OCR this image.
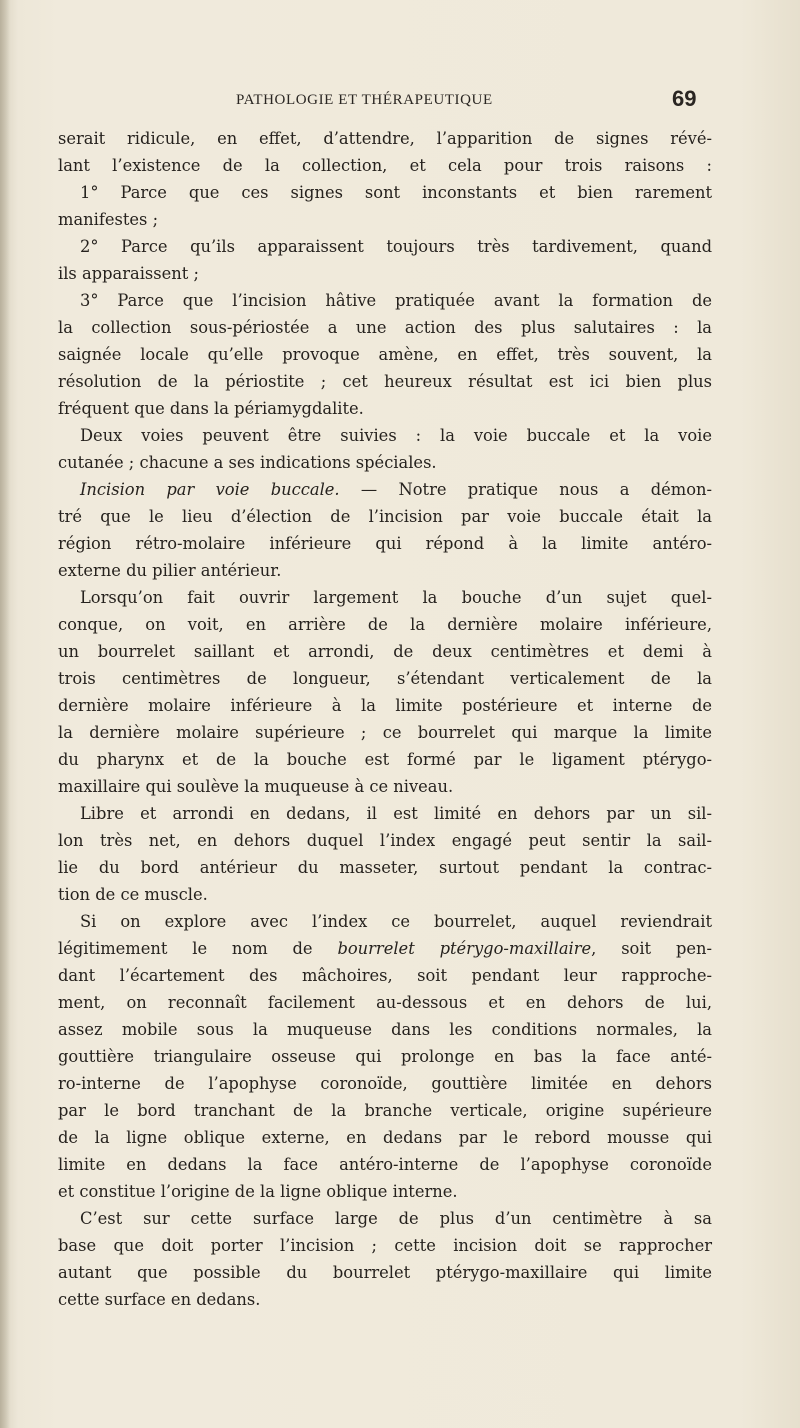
PATHOLOGIE ET THÉRAPEUTIQUE	69
serait ridicule, en effet, d’attendre, l’apparition de signes révé-
lant l’existence de la collection, et cela pour trois raisons :
1° Parce que ces signes sont inconstants et bien rarement
manifestes ;
2° Parce qu’ils apparaissent toujours très tardivement, quand
ils apparaissent ;
3° Parce que l’incision hâtive pratiquée avant la formation de
la collection sous-périostée a une action des plus salutaires : la
saignée locale qu’elle provoque amène, en effet, très souvent, la
résolution de la périostite ; cet heureux résultat est ici bien plus
fréquent que dans la périamygdalite.
Deux voies peuvent être suivies : la voie buccale et la voie
cutanée ; chacune a ses indications spéciales.
Incision par voie buccale. — Notre pratique nous a démon-
tré que le lieu d’élection de l’incision par voie buccale était la
région rétro-molaire inférieure qui répond à la limite antéro-
externe du pilier antérieur.
Lorsqu’on fait ouvrir largement la bouche d’un sujet quel-
conque, on voit, en arrière de la dernière molaire inférieure,
un bourrelet saillant et arrondi, de deux centimètres et demi à
trois centimètres de longueur, s’étendant verticalement de la
dernière molaire inférieure à la limite postérieure et interne de
la dernière molaire supérieure ; ce bourrelet qui marque la limite
du pharynx et de la bouche est formé par le ligament ptérygo-
maxillaire qui soulève la muqueuse à ce niveau.
Libre et arrondi en dedans, il est limité en dehors par un sil-
lon très net, en dehors duquel l’index engagé peut sentir la sail-
lie du bord antérieur du masseter, surtout pendant la contrac-
tion de ce muscle.
Si on explore avec l’index ce bourrelet, auquel reviendrait
légitimement le nom de bourrelet ptérygo-maxillaire, soit pen-
dant l’écartement des mâchoires, soit pendant leur rapproche-
ment, on reconnaît facilement au-dessous et en dehors de lui,
assez mobile sous la muqueuse dans les conditions normales, la
gouttière triangulaire osseuse qui prolonge en bas la face anté-
ro-interne de l’apophyse coronoïde, gouttière limitée en dehors
par le bord tranchant de la branche verticale, origine supérieure
de la ligne oblique externe, en dedans par le rebord mousse qui
limite en dedans la face antéro-interne de l’apophyse coronoïde
et constitue l’origine de la ligne oblique interne.
C’est sur cette surface large de plus d’un centimètre à sa
base que doit porter l’incision ; cette incision doit se rapprocher
autant que possible du bourrelet ptérygo-maxillaire qui limite
cette surface en dedans.
